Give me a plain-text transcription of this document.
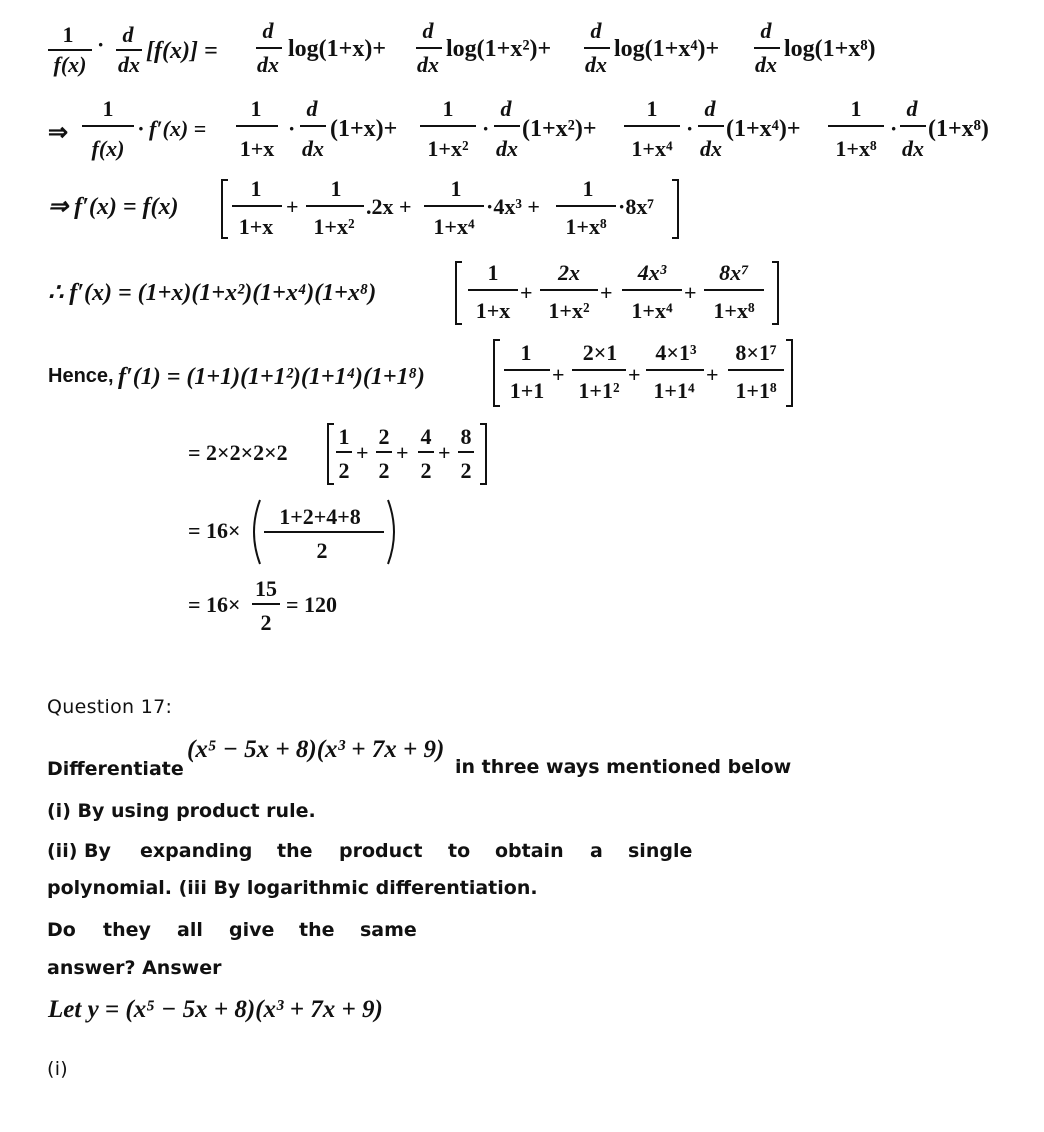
1
f(x)
· d
dx
[f(x)] =
d
dx
log(1+x)+
d
dx
log(1+x²)+
d
dx
log(1+x⁴)+
d
dx
log(1+x⁸)
⇒
1
f(x)
· f′(x) =
1
1+x
·
d
dx
(1+x)+
1
1+x²
·
d
dx
(1+x²)+
1
1+x⁴
·
d
dx
(1+x⁴)+
1
1+x⁸
·
d
dx
(1+x⁸)
⇒ f′(x) = f(x)
1
1+x
+
1
1+x²
.2x +
1
1+x⁴
·4x³ +
1
1+x⁸
·8x⁷
∴ f′(x) = (1+x)(1+x²)(1+x⁴)(1+x⁸)
1
1+x
+
2x
1+x²
+
4x³
1+x⁴
+
8x⁷
1+x⁸
Hence, f′(1) = (1+1)(1+1²)(1+1⁴)(1+1⁸)
1
1+1
+
2×1
1+1²
+
4×1³
1+1⁴
+
8×1⁷
1+1⁸
= 2×2×2×2
1
2
+
2
2
+
4
2
+
8
2
= 16×
1+2+4+8
2
= 16×
15
2
= 120
Question 17:
Differentiate
(x⁵ − 5x + 8)(x³ + 7x + 9)
in three ways mentioned below
(i) By using product rule.
(ii) By expanding the product to obtain a single
polynomial. (iii By logarithmic differentiation.
Do they all give the same
answer? Answer
Let y = (x⁵ − 5x + 8)(x³ + 7x + 9)
(i)
